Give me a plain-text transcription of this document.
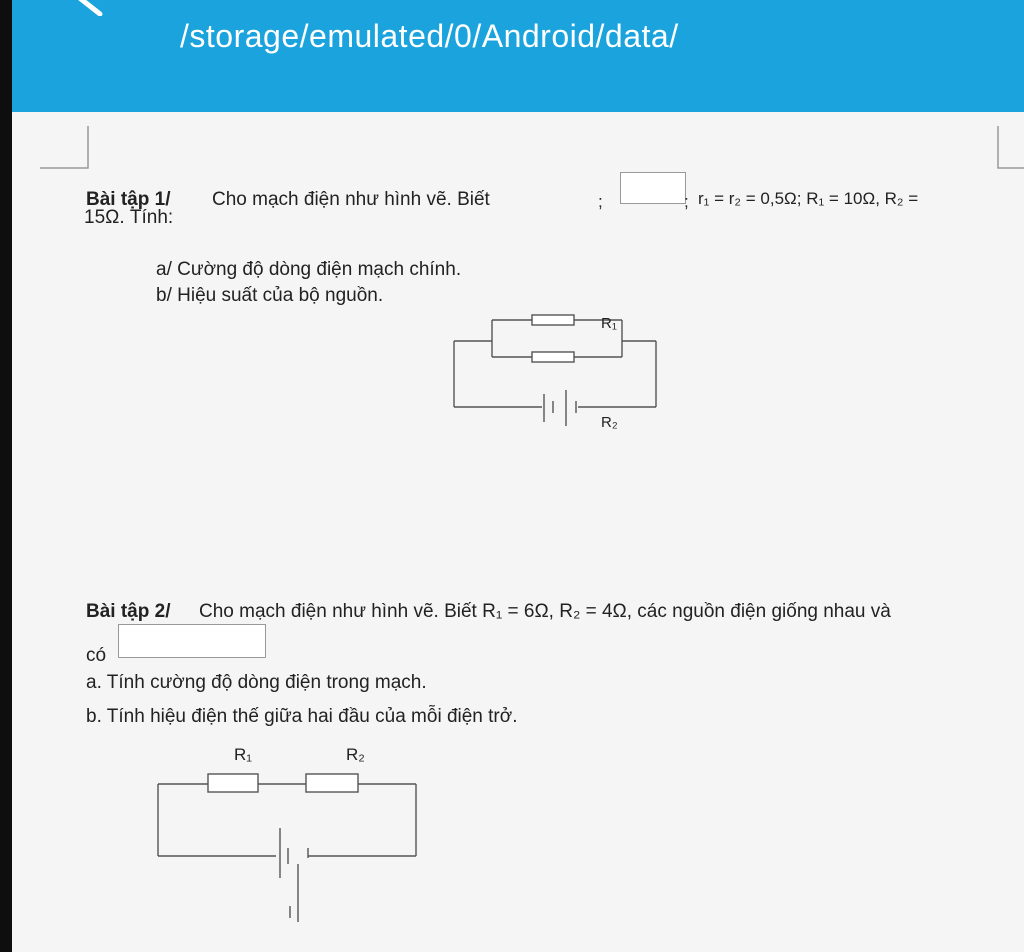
/storage/emulated/0/Android/data/
Bài tập 1/ Cho mạch điện như hình vẽ. Biết	;	; r₁ = r₂ = 0,5Ω; R₁ = 10Ω, R₂ =
15Ω. Tính:
a/ Cường độ dòng điện mạch chính.
b/ Hiệu suất của bộ nguồn.
R₁
R₂
Bài tập 2/ Cho mạch điện như hình vẽ. Biết R₁ = 6Ω, R₂ = 4Ω, các nguồn điện giống nhau và
có
a. Tính cường độ dòng điện trong mạch.
b. Tính hiệu điện thế giữa hai đầu của mỗi điện trở.
R₁	R₂
